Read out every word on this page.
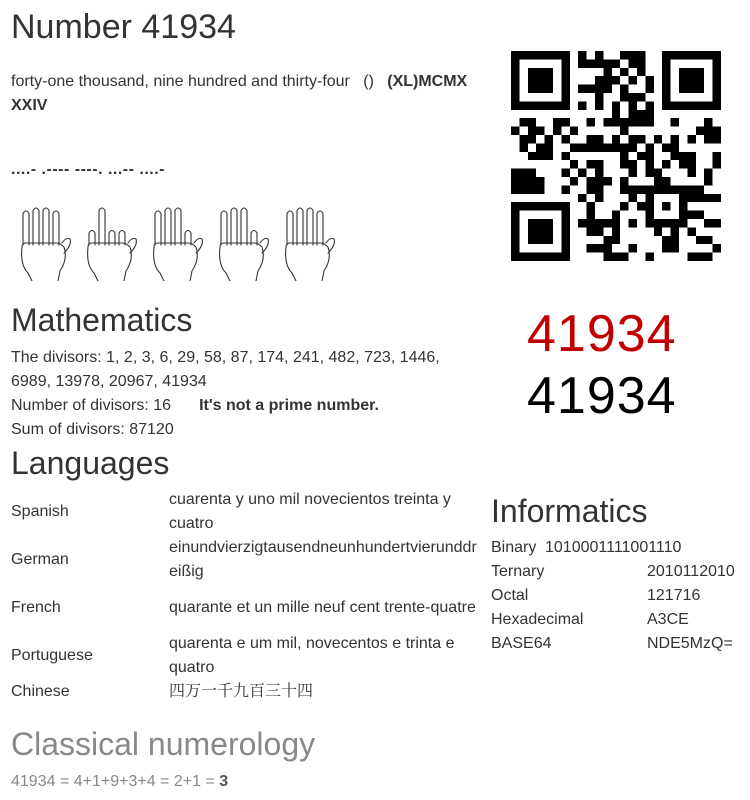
Number 41934
forty-one thousand, nine hundred and thirty-four () (XL)MCMX XXIV
....- .---- ----. ...-- ....-
41934
41934
Mathematics
The divisors: 1, 2, 3, 6, 29, 58, 87, 174, 241, 482, 723, 1446, 6989, 13978, 20967, 41934
Number of divisors: 16 It's not a prime number.
Sum of divisors: 87120
Languages
Spanish	cuarenta y uno mil novecientos treinta y cuatro
German	einundvierzigtausendneunhundertvierunddreißig
French	quarante et un mille neuf cent trente-quatre
Portuguese	quarenta e um mil, novecentos e trinta e quatro
Chinese	四万一千九百三十四
Informatics
Binary 1010001111001110
Ternary	2010112010
Octal	121716
Hexadecimal	A3CE
BASE64	NDE5MzQ=
Classical numerology
41934 = 4+1+9+3+4 = 2+1 = 3
